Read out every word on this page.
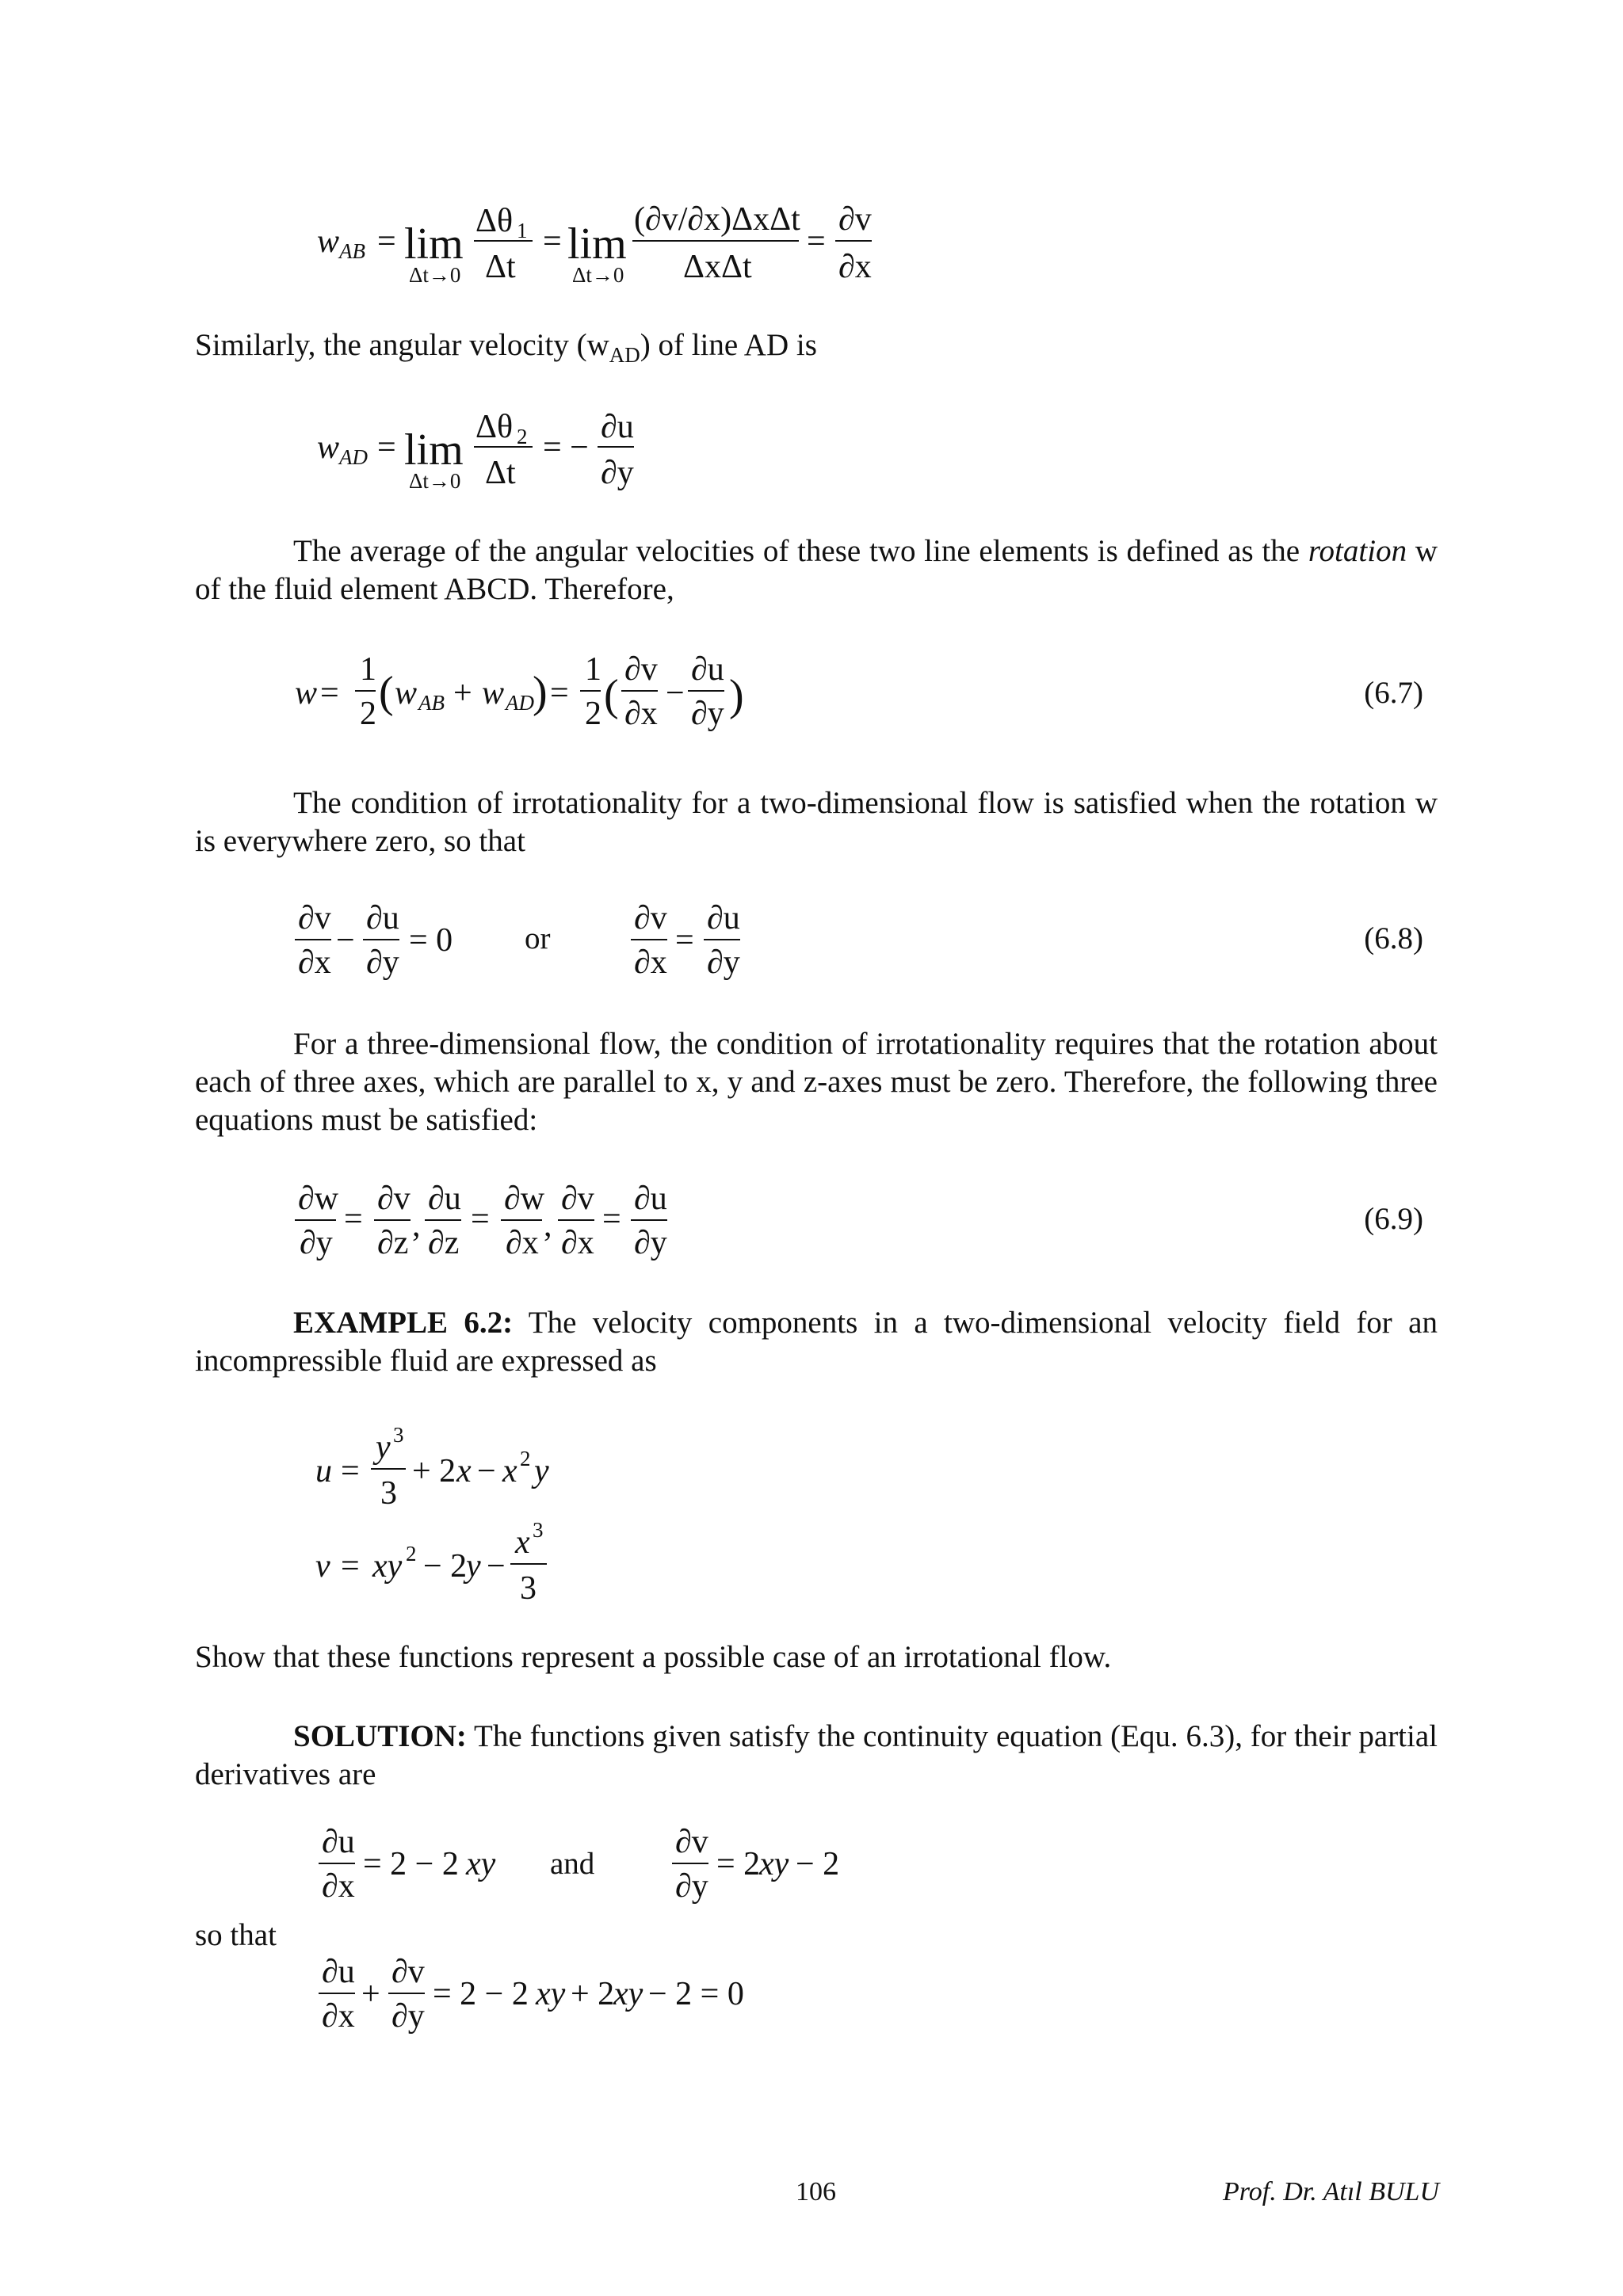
w AB = lim
Δt→0
Δθ 1
Δt
= lim
Δt→0
(∂v/∂x)ΔxΔt
ΔxΔt
=
∂v
∂x
w AD = lim
Δt→0
Δθ 2
Δt
= −
∂u
∂y
w =
1
2 ( w AB + w AD
) =
1
2 (
∂v
∂x
−
∂u
∂y )
∂v
∂x
−
∂u
∂y
= 0
∂v
∂x
=
∂u
∂y
∂w
∂y
=
∂v
∂z ,
∂u
∂z
=
∂w
∂x ,
∂v
∂x
=
∂u
∂y
u =
y 3
3
+ 2 x − x 2 y
v = xy 2 − 2
y −
x 3
3
∂u
∂x
= 2 − 2 xy
∂v
∂y
= 2
xy − 2
∂u
∂x
+
∂v
∂y
= 2 − 2 xy + 2
xy − 2 = 0
Similarly, the angular velocity $(w_{AD})$ of line AD is
The average of the angular velocities of these two line elements is defined as the rotation w of the fluid element ABCD. Therefore,
(6.7)
The condition of irrotationality for a two-dimensional flow is satisfied when the rotation w is everywhere zero, so that
or	(6.8)
For a three-dimensional flow, the condition of irrotationality requires that the rotation about each of three axes, which are parallel to x, y and z-axes must be zero. Therefore, the following three equations must be satisfied:
(6.9)
EXAMPLE 6.2: The velocity components in a two-dimensional velocity field for an incompressible fluid are expressed as
Show that these functions represent a possible case of an irrotational flow.
SOLUTION: The functions given satisfy the continuity equation (Equ. 6.3), for their partial derivatives are
and
so that
106	Prof. Dr. Atıl BULU
